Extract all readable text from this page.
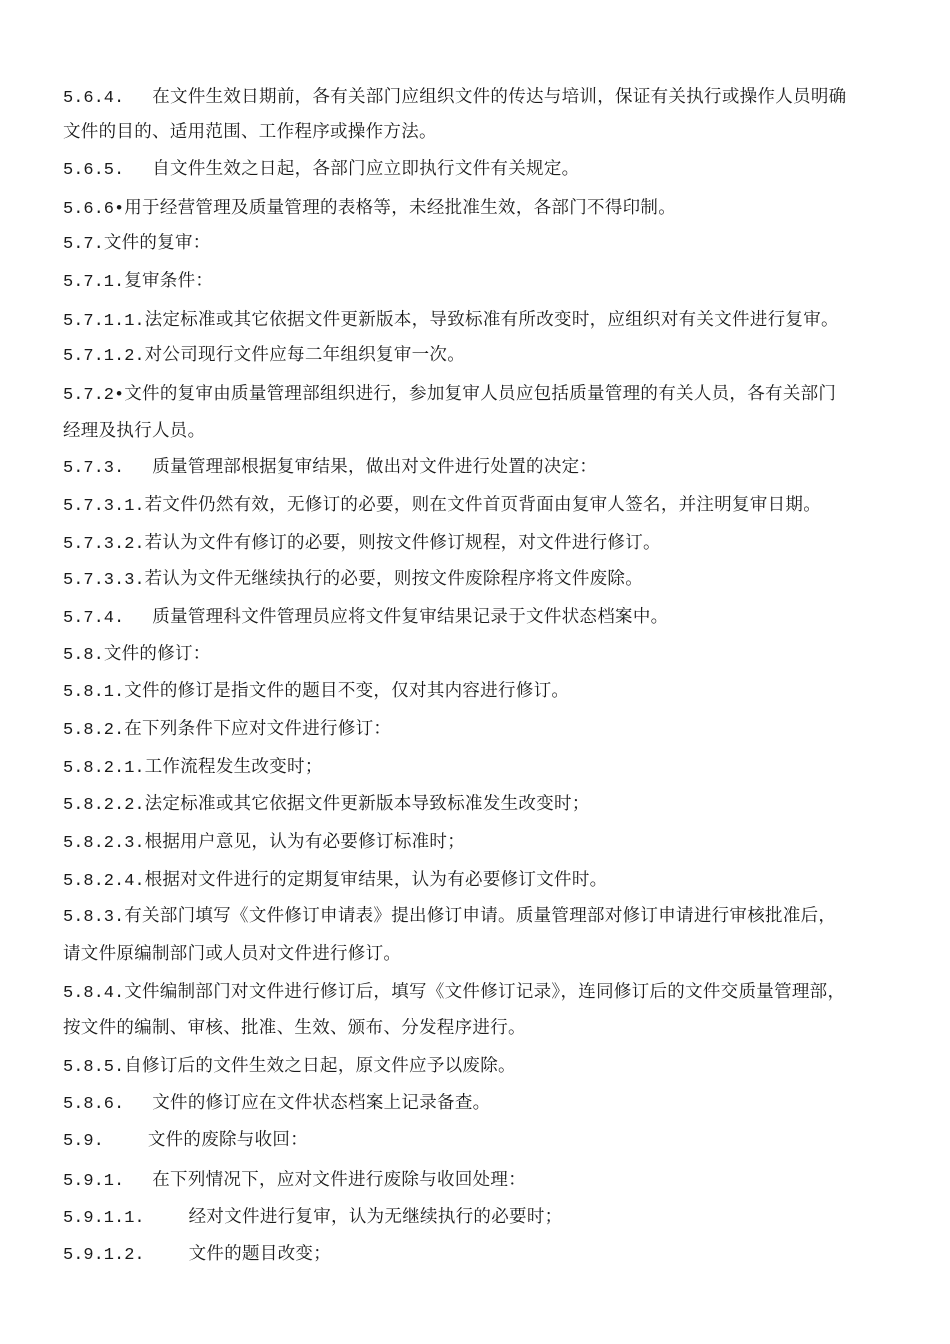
5.6.4. 在文件生效日期前，各有关部门应组织文件的传达与培训，保证有关执行或操作人员明确
文件的目的、适用范围、工作程序或操作方法。
5.6.5. 自文件生效之日起，各部门应立即执行文件有关规定。
5.6.6•用于经营管理及质量管理的表格等，未经批准生效，各部门不得印制。
5.7.文件的复审：
5.7.1.复审条件：
5.7.1.1.法定标准或其它依据文件更新版本，导致标准有所改变时，应组织对有关文件进行复审。
5.7.1.2.对公司现行文件应每二年组织复审一次。
5.7.2•文件的复审由质量管理部组织进行，参加复审人员应包括质量管理的有关人员，各有关部门
经理及执行人员。
5.7.3. 质量管理部根据复审结果，做出对文件进行处置的决定：
5.7.3.1.若文件仍然有效，无修订的必要，则在文件首页背面由复审人签名，并注明复审日期。
5.7.3.2.若认为文件有修订的必要，则按文件修订规程，对文件进行修订。
5.7.3.3.若认为文件无继续执行的必要，则按文件废除程序将文件废除。
5.7.4. 质量管理科文件管理员应将文件复审结果记录于文件状态档案中。
5.8.文件的修订：
5.8.1.文件的修订是指文件的题目不变，仅对其内容进行修订。
5.8.2.在下列条件下应对文件进行修订：
5.8.2.1.工作流程发生改变时；
5.8.2.2.法定标准或其它依据文件更新版本导致标准发生改变时；
5.8.2.3.根据用户意见，认为有必要修订标准时；
5.8.2.4.根据对文件进行的定期复审结果，认为有必要修订文件时。
5.8.3.有关部门填写《文件修订申请表》提出修订申请。质量管理部对修订申请进行审核批准后，
请文件原编制部门或人员对文件进行修订。
5.8.4.文件编制部门对文件进行修订后，填写《文件修订记录》，连同修订后的文件交质量管理部，
按文件的编制、审核、批准、生效、颁布、分发程序进行。
5.8.5.自修订后的文件生效之日起，原文件应予以废除。
5.8.6. 文件的修订应在文件状态档案上记录备查。
5.9.	文件的废除与收回：
5.9.1. 在下列情况下，应对文件进行废除与收回处理：
5.9.1.1.	经对文件进行复审，认为无继续执行的必要时；
5.9.1.2.	文件的题目改变；
